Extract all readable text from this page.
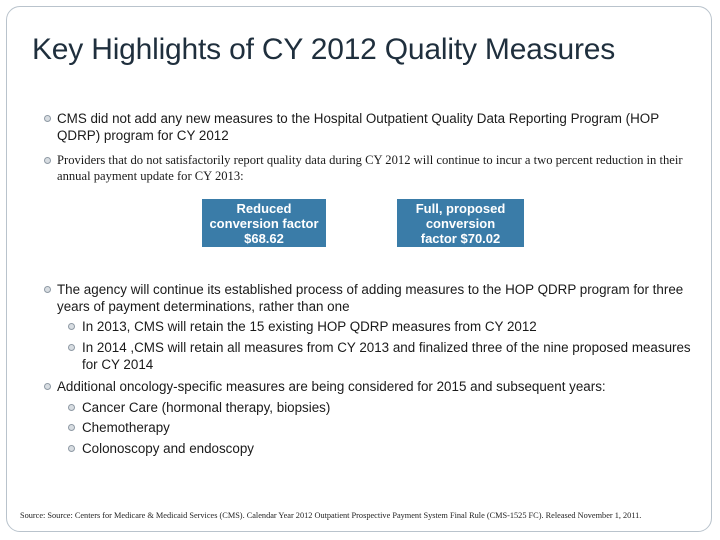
Key Highlights of CY 2012 Quality Measures
CMS did not add any new measures to the Hospital Outpatient Quality Data Reporting Program (HOP QDRP) program for CY 2012
Providers that do not satisfactorily report quality data during CY 2012 will continue to incur a two percent reduction in their annual payment update for CY 2013:
Reduced
conversion factor
$68.62
Full, proposed
conversion
factor $70.02
The agency will continue its established process of adding measures to the HOP QDRP program for three years of payment determinations, rather than one
In 2013, CMS will retain the 15 existing HOP QDRP measures from CY 2012
In 2014 ,CMS will retain all measures from CY 2013 and finalized three of the nine proposed measures for CY 2014
Additional oncology-specific measures are being considered for 2015 and subsequent years:
Cancer Care (hormonal therapy, biopsies)
Chemotherapy
Colonoscopy and endoscopy
Source: Source: Centers for Medicare & Medicaid Services (CMS). Calendar Year 2012 Outpatient Prospective Payment System Final Rule (CMS-1525 FC). Released November 1, 2011.
